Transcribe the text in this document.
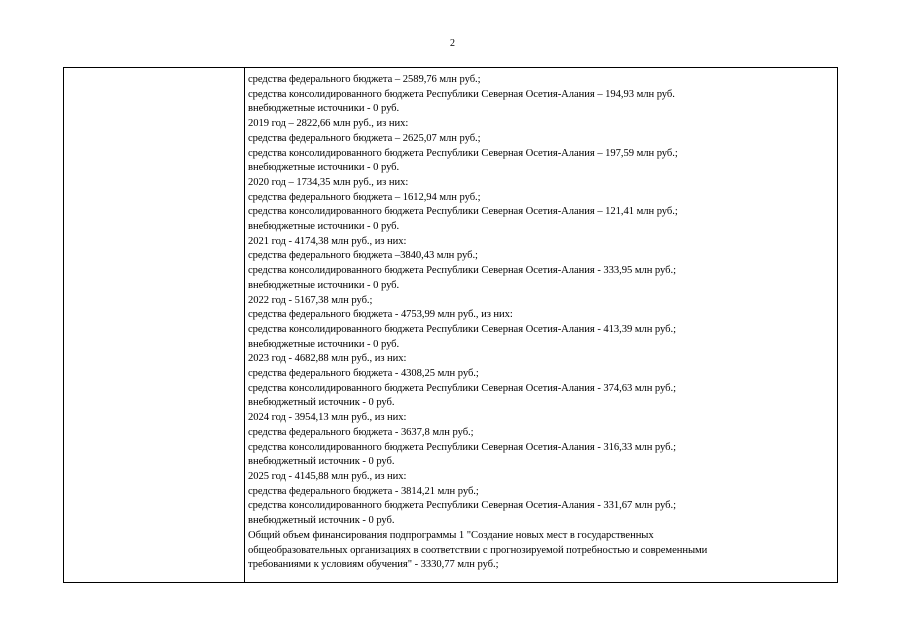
2
средства федерального бюджета – 2589,76 млн руб.;
средства консолидированного бюджета Республики Северная Осетия-Алания – 194,93 млн руб.
внебюджетные источники - 0 руб.
2019 год – 2822,66 млн руб., из них:
средства федерального бюджета – 2625,07 млн руб.;
средства консолидированного бюджета Республики Северная Осетия-Алания – 197,59 млн руб.;
внебюджетные источники - 0 руб.
2020 год – 1734,35 млн руб., из них:
средства федерального бюджета – 1612,94 млн руб.;
средства консолидированного бюджета Республики Северная Осетия-Алания – 121,41 млн руб.;
внебюджетные источники - 0 руб.
2021 год - 4174,38 млн руб., из них:
средства федерального бюджета –3840,43 млн руб.;
средства консолидированного бюджета Республики Северная Осетия-Алания - 333,95 млн руб.;
внебюджетные источники - 0 руб.
2022 год - 5167,38 млн руб.;
средства федерального бюджета - 4753,99 млн руб., из них:
средства консолидированного бюджета Республики Северная Осетия-Алания - 413,39 млн руб.;
внебюджетные источники - 0 руб.
2023 год - 4682,88 млн руб., из них:
средства федерального бюджета - 4308,25 млн руб.;
средства консолидированного бюджета Республики Северная Осетия-Алания - 374,63 млн руб.;
внебюджетный источник - 0 руб.
2024 год - 3954,13 млн руб., из них:
средства федерального бюджета - 3637,8 млн руб.;
средства консолидированного бюджета Республики Северная Осетия-Алания - 316,33 млн руб.;
внебюджетный источник - 0 руб.
2025 год - 4145,88 млн руб., из них:
средства федерального бюджета - 3814,21 млн руб.;
средства консолидированного бюджета Республики Северная Осетия-Алания - 331,67 млн руб.;
внебюджетный источник - 0 руб.
Общий объем финансирования подпрограммы 1 "Создание новых мест в государственных
общеобразовательных организациях в соответствии с прогнозируемой потребностью и современными
требованиями к условиям обучения" - 3330,77 млн руб.;
